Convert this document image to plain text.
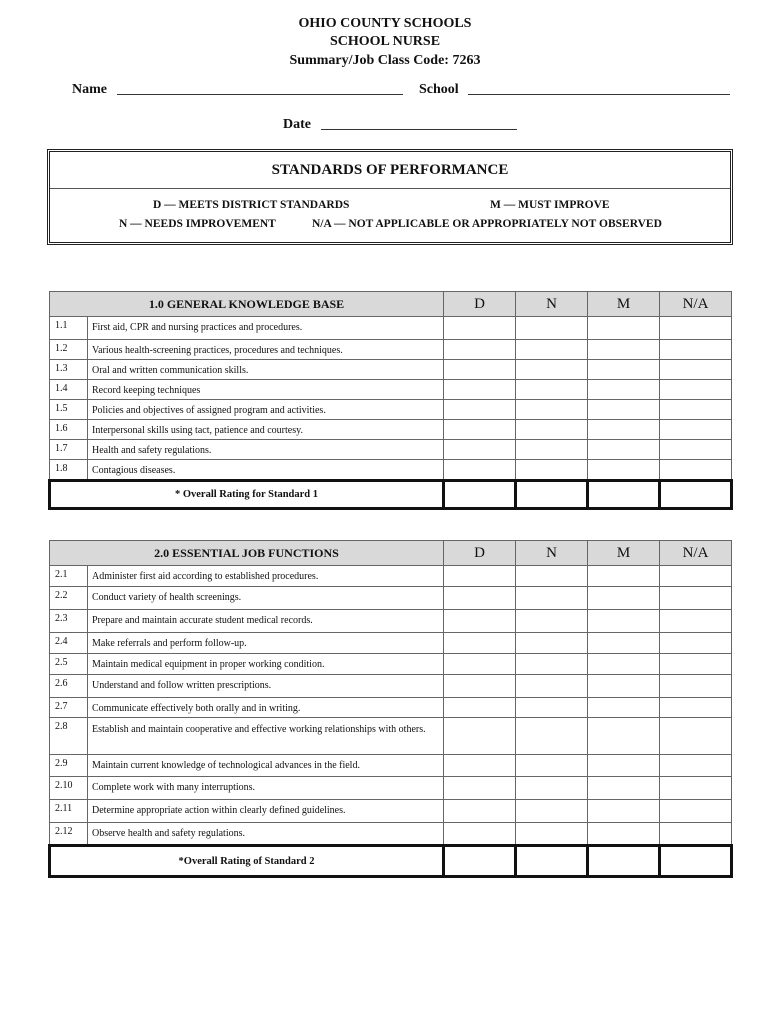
OHIO COUNTY SCHOOLS
SCHOOL NURSE
Summary/Job Class Code: 7263
Name	School
Date
STANDARDS OF PERFORMANCE
D — MEETS DISTRICT STANDARDS	M — MUST IMPROVE
N — NEEDS IMPROVEMENT	N/A — NOT APPLICABLE OR APPROPRIATELY NOT OBSERVED
1.0 GENERAL KNOWLEDGE BASE		D	N	M	N/A
1.1	First aid, CPR and nursing practices and procedures.				
1.2	Various health-screening practices, procedures and techniques.				
1.3	Oral and written communication skills.				
1.4	Record keeping techniques				
1.5	Policies and objectives of assigned program and activities.				
1.6	Interpersonal skills using tact, patience and courtesy.				
1.7	Health and safety regulations.				
1.8	Contagious diseases.				
* Overall Rating for Standard 1					
2.0 ESSENTIAL JOB FUNCTIONS		D	N	M	N/A
2.1	Administer first aid according to established procedures.				
2.2	Conduct variety of health screenings.				
2.3	Prepare and maintain accurate student medical records.				
2.4	Make referrals and perform follow-up.				
2.5	Maintain medical equipment in proper working condition.				
2.6	Understand and follow written prescriptions.				
2.7	Communicate effectively both orally and in writing.				
2.8	Establish and maintain cooperative and effective working relationships with others.				
2.9	Maintain current knowledge of technological advances in the field.				
2.10	Complete work with many interruptions.				
2.11	Determine appropriate action within clearly defined guidelines.				
2.12	Observe health and safety regulations.				
*Overall Rating of Standard 2					
